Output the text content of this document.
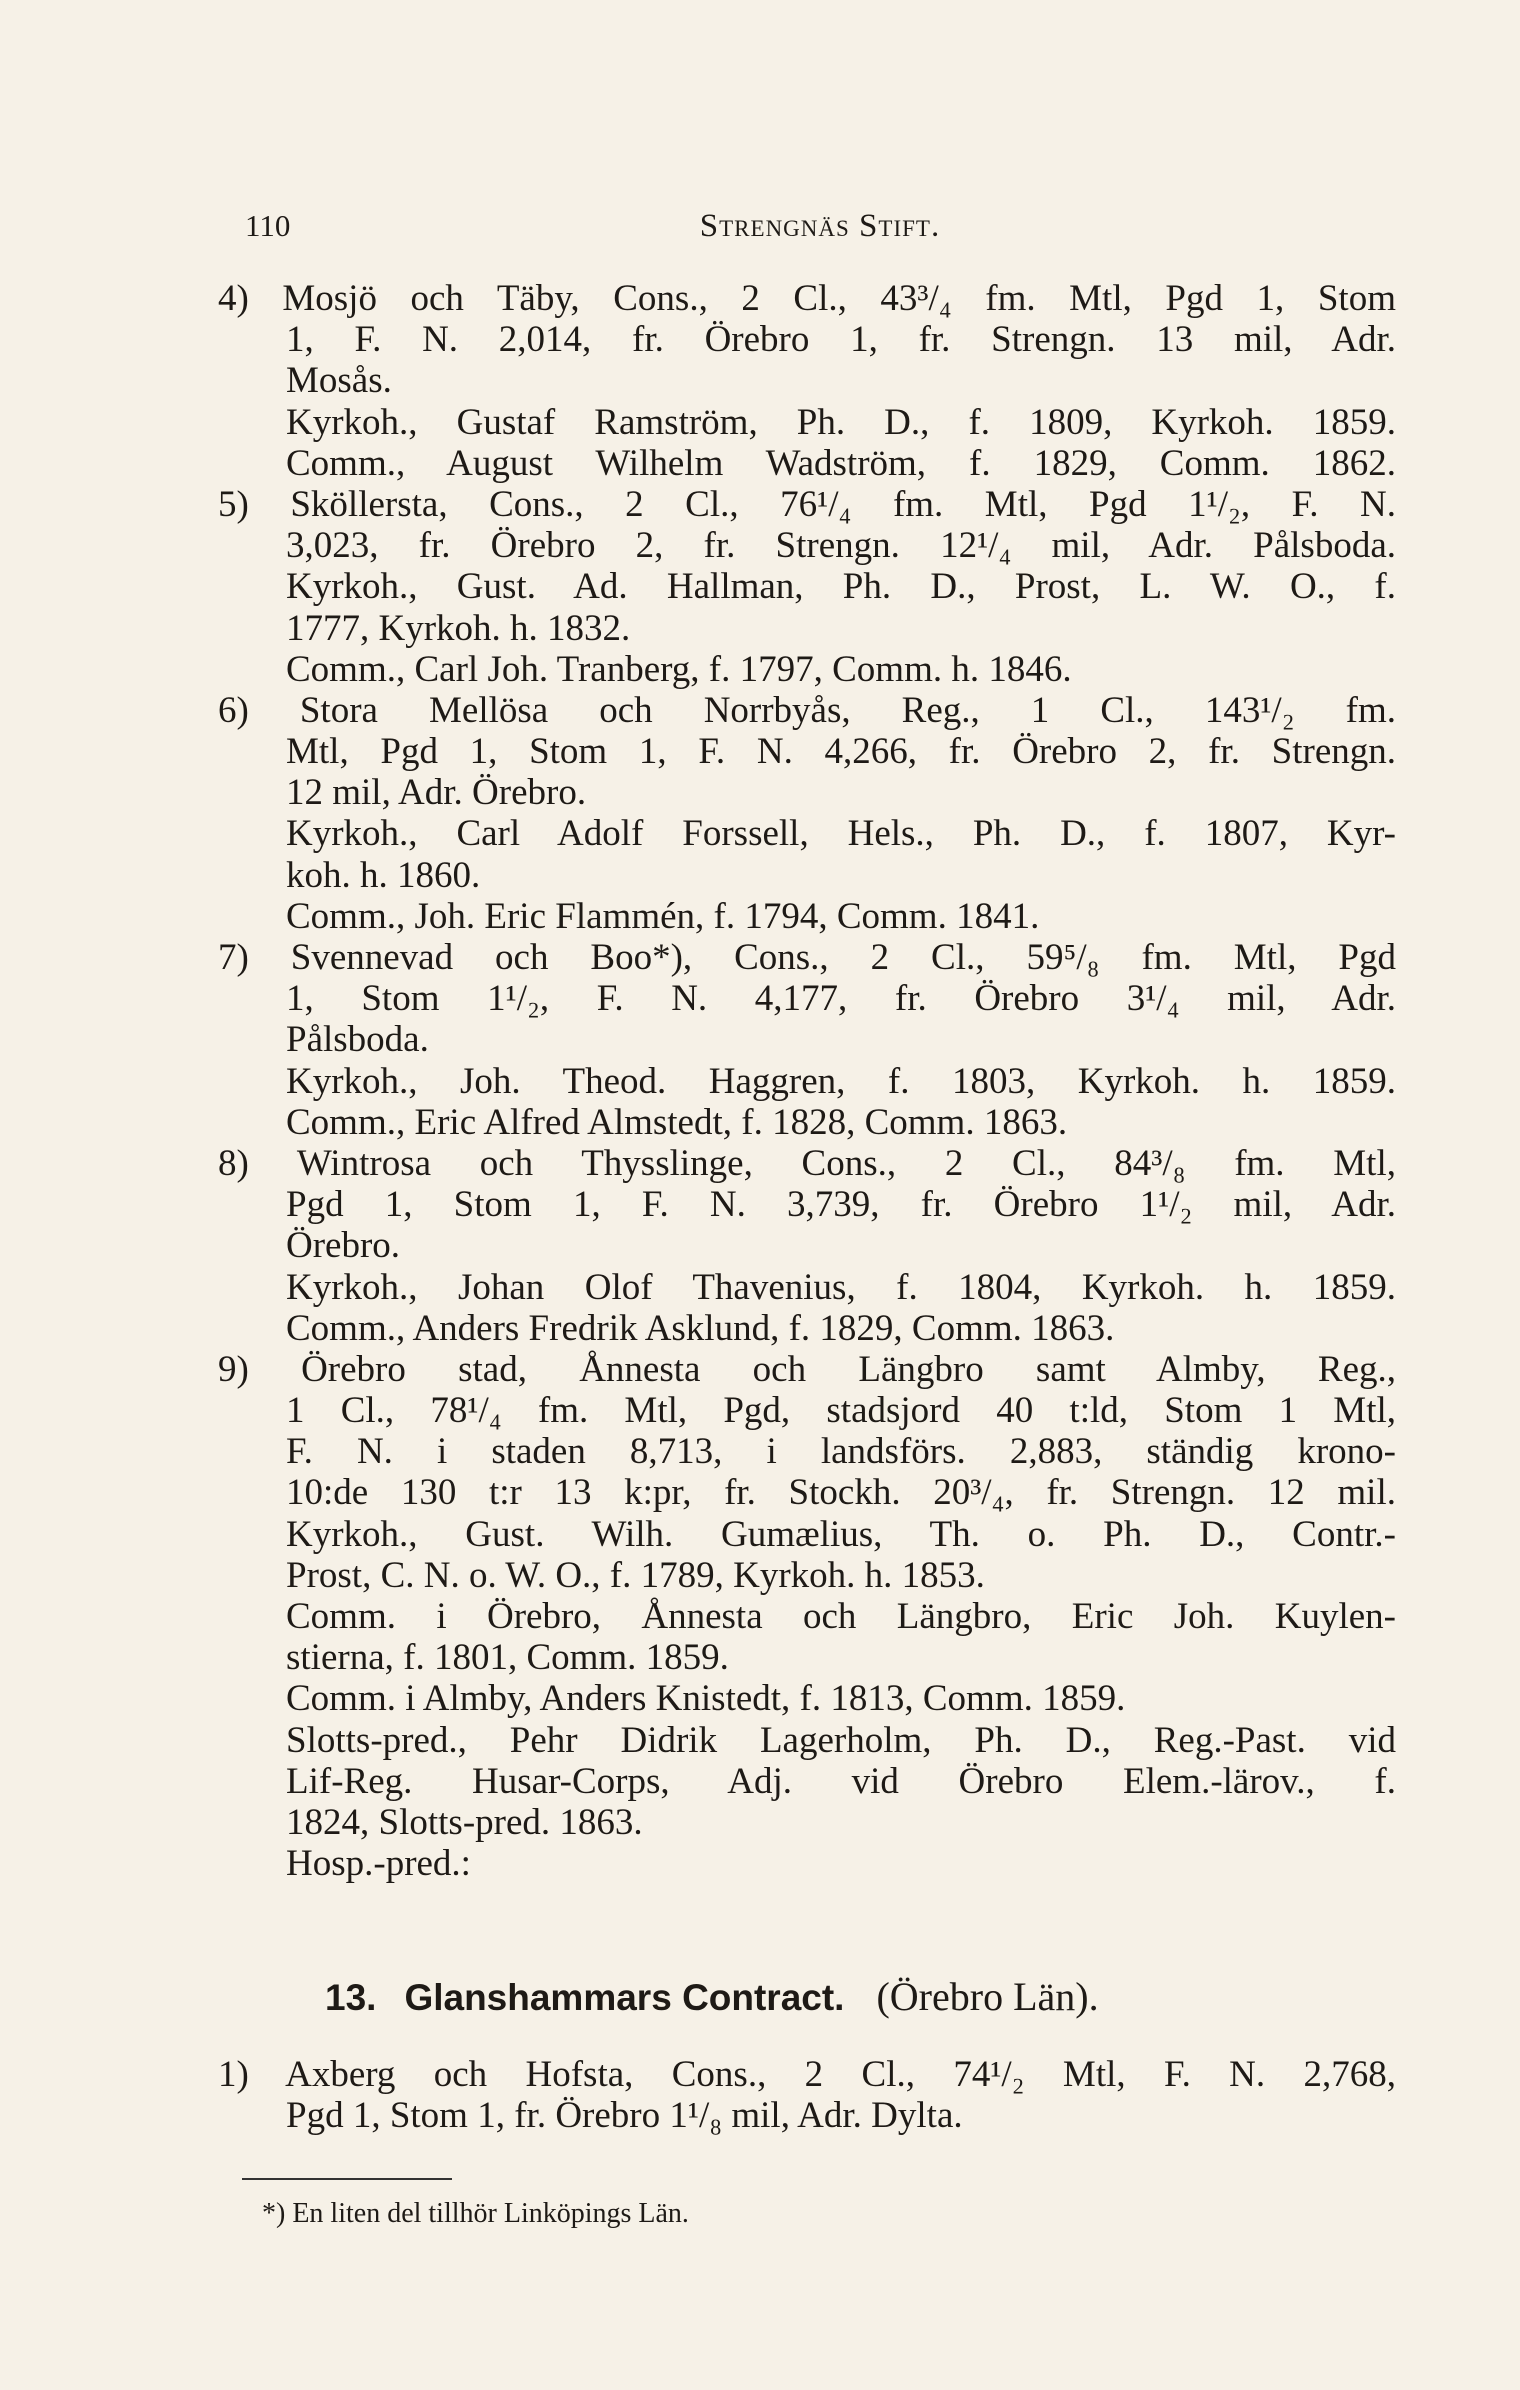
110	Strengnäs Stift.
4) Mosjö och Täby, Cons., 2 Cl., 43³/₄ fm. Mtl, Pgd 1, Stom
1, F. N. 2,014, fr. Örebro 1, fr. Strengn. 13 mil, Adr.
Mosås.
Kyrkoh., Gustaf Ramström, Ph. D., f. 1809, Kyrkoh. 1859.
Comm., August Wilhelm Wadström, f. 1829, Comm. 1862.
5) Sköllersta, Cons., 2 Cl., 76¹/₄ fm. Mtl, Pgd 1¹/₂, F. N.
3,023, fr. Örebro 2, fr. Strengn. 12¹/₄ mil, Adr. Pålsboda.
Kyrkoh., Gust. Ad. Hallman, Ph. D., Prost, L. W. O., f.
1777, Kyrkoh. h. 1832.
Comm., Carl Joh. Tranberg, f. 1797, Comm. h. 1846.
6) Stora Mellösa och Norrbyås, Reg., 1 Cl., 143¹/₂ fm.
Mtl, Pgd 1, Stom 1, F. N. 4,266, fr. Örebro 2, fr. Strengn.
12 mil, Adr. Örebro.
Kyrkoh., Carl Adolf Forssell, Hels., Ph. D., f. 1807, Kyr-
koh. h. 1860.
Comm., Joh. Eric Flammén, f. 1794, Comm. 1841.
7) Svennevad och Boo*), Cons., 2 Cl., 59⁵/₈ fm. Mtl, Pgd
1, Stom 1¹/₂, F. N. 4,177, fr. Örebro 3¹/₄ mil, Adr.
Pålsboda.
Kyrkoh., Joh. Theod. Haggren, f. 1803, Kyrkoh. h. 1859.
Comm., Eric Alfred Almstedt, f. 1828, Comm. 1863.
8) Wintrosa och Thysslinge, Cons., 2 Cl., 84³/₈ fm. Mtl,
Pgd 1, Stom 1, F. N. 3,739, fr. Örebro 1¹/₂ mil, Adr.
Örebro.
Kyrkoh., Johan Olof Thavenius, f. 1804, Kyrkoh. h. 1859.
Comm., Anders Fredrik Asklund, f. 1829, Comm. 1863.
9) Örebro stad, Ånnesta och Längbro samt Almby, Reg.,
1 Cl., 78¹/₄ fm. Mtl, Pgd, stadsjord 40 t:ld, Stom 1 Mtl,
F. N. i staden 8,713, i landsförs. 2,883, ständig krono-
10:de 130 t:r 13 k:pr, fr. Stockh. 20³/₄, fr. Strengn. 12 mil.
Kyrkoh., Gust. Wilh. Gumælius, Th. o. Ph. D., Contr.-
Prost, C. N. o. W. O., f. 1789, Kyrkoh. h. 1853.
Comm. i Örebro, Ånnesta och Längbro, Eric Joh. Kuylen-
stierna, f. 1801, Comm. 1859.
Comm. i Almby, Anders Knistedt, f. 1813, Comm. 1859.
Slotts-pred., Pehr Didrik Lagerholm, Ph. D., Reg.-Past. vid
Lif-Reg. Husar-Corps, Adj. vid Örebro Elem.-lärov., f.
1824, Slotts-pred. 1863.
Hosp.-pred.:
13. Glanshammars Contract. (Örebro Län).
1) Axberg och Hofsta, Cons., 2 Cl., 74¹/₂ Mtl, F. N. 2,768,
Pgd 1, Stom 1, fr. Örebro 1¹/₈ mil, Adr. Dylta.
*) En liten del tillhör Linköpings Län.
